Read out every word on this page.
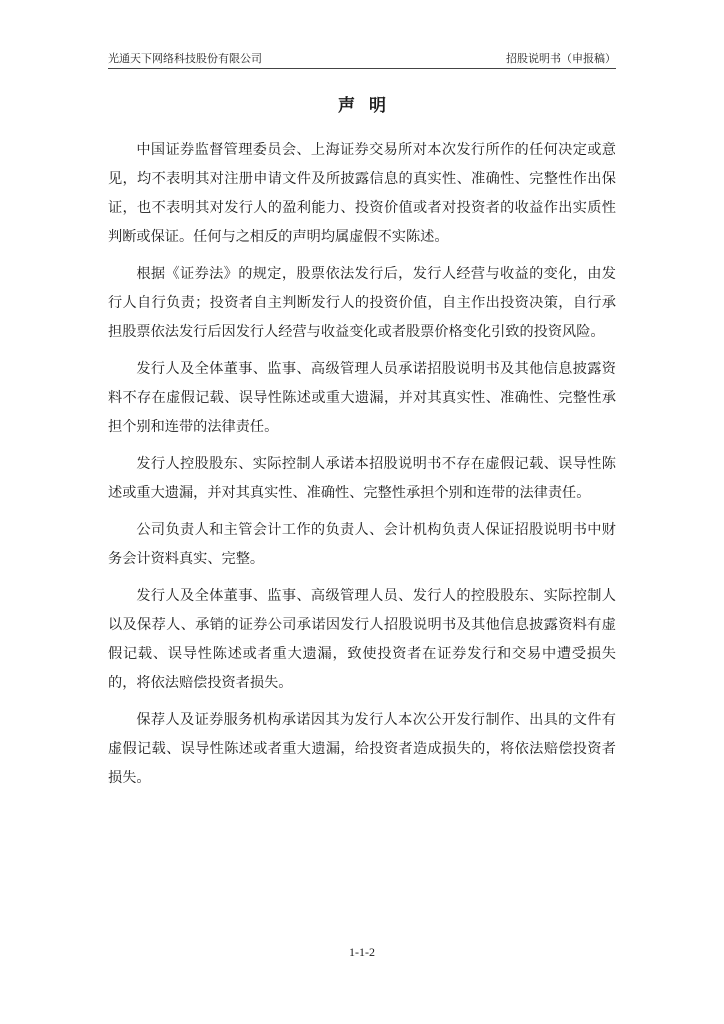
光通天下网络科技股份有限公司	招股说明书（申报稿）
声明

中国证券监督管理委员会、上海证券交易所对本次发行所作的任何决定或意见，均不表明其对注册申请文件及所披露信息的真实性、准确性、完整性作出保证，也不表明其对发行人的盈利能力、投资价值或者对投资者的收益作出实质性判断或保证。任何与之相反的声明均属虚假不实陈述。

根据《证券法》的规定，股票依法发行后，发行人经营与收益的变化，由发行人自行负责；投资者自主判断发行人的投资价值，自主作出投资决策，自行承担股票依法发行后因发行人经营与收益变化或者股票价格变化引致的投资风险。

发行人及全体董事、监事、高级管理人员承诺招股说明书及其他信息披露资料不存在虚假记载、误导性陈述或重大遗漏，并对其真实性、准确性、完整性承担个别和连带的法律责任。

发行人控股股东、实际控制人承诺本招股说明书不存在虚假记载、误导性陈述或重大遗漏，并对其真实性、准确性、完整性承担个别和连带的法律责任。

公司负责人和主管会计工作的负责人、会计机构负责人保证招股说明书中财务会计资料真实、完整。

发行人及全体董事、监事、高级管理人员、发行人的控股股东、实际控制人以及保荐人、承销的证券公司承诺因发行人招股说明书及其他信息披露资料有虚假记载、误导性陈述或者重大遗漏，致使投资者在证券发行和交易中遭受损失的，将依法赔偿投资者损失。

保荐人及证券服务机构承诺因其为发行人本次公开发行制作、出具的文件有虚假记载、误导性陈述或者重大遗漏，给投资者造成损失的，将依法赔偿投资者损失。

1-1-2
